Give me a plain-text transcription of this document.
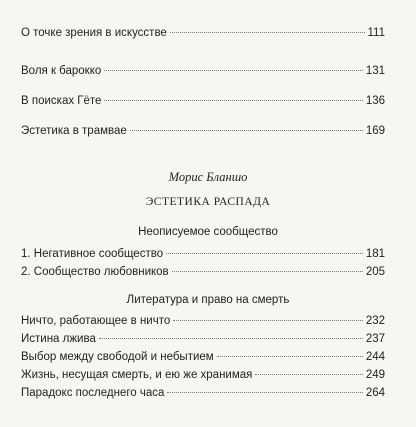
О точке зрения в искусстве	111
Воля к барокко	131
В поисках Гёте	136
Эстетика в трамвае	169
Морис Бланшо
ЭСТЕТИКА РАСПАДА
Неописуемое сообщество
1. Негативное сообщество	181
2. Сообщество любовников	205
Литература и право на смерть
Ничто, работающее в ничто	232
Истина лжива	237
Выбор между свободой и небытием	244
Жизнь, несущая смерть, и ею же хранимая	249
Парадокс последнего часа	264
